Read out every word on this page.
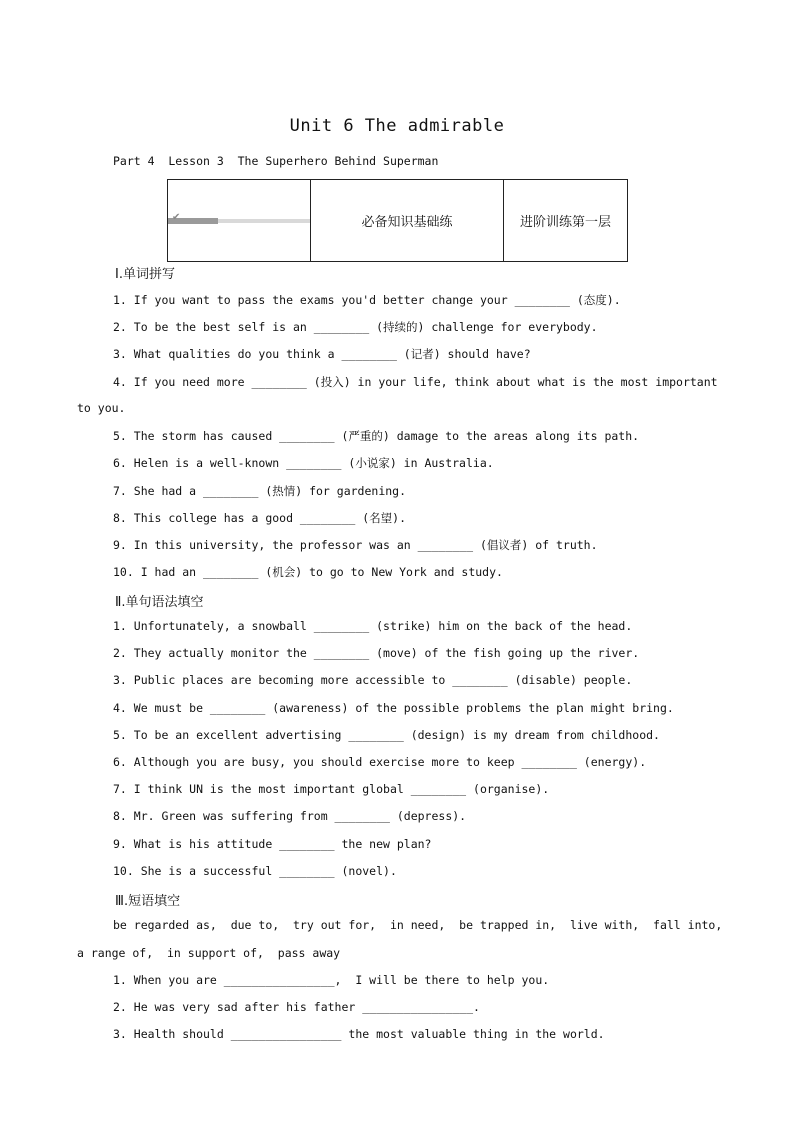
Unit 6 The admirable
Part 4  Lesson 3  The Superhero Behind Superman
✔	必备知识基础练	进阶训练第一层
Ⅰ.单词拼写
1. If you want to pass the exams you'd better change your ________ (态度).
2. To be the best self is an ________ (持续的) challenge for everybody.
3. What qualities do you think a ________ (记者) should have?
4. If you need more ________ (投入) in your life, think about what is the most important
to you.
5. The storm has caused ________ (严重的) damage to the areas along its path.
6. Helen is a well-known ________ (小说家) in Australia.
7. She had a ________ (热情) for gardening.
8. This college has a good ________ (名望).
9. In this university, the professor was an ________ (倡议者) of truth.
10. I had an ________ (机会) to go to New York and study.
Ⅱ.单句语法填空
1. Unfortunately, a snowball ________ (strike) him on the back of the head.
2. They actually monitor the ________ (move) of the fish going up the river.
3. Public places are becoming more accessible to ________ (disable) people.
4. We must be ________ (awareness) of the possible problems the plan might bring.
5. To be an excellent advertising ________ (design) is my dream from childhood.
6. Although you are busy, you should exercise more to keep ________ (energy).
7. I think UN is the most important global ________ (organise).
8. Mr. Green was suffering from ________ (depress).
9. What is his attitude ________ the new plan?
10. She is a successful ________ (novel).
Ⅲ.短语填空
be regarded as,  due to,  try out for,  in need,  be trapped in,  live with,  fall into,
a range of,  in support of,  pass away
1. When you are ________________,  I will be there to help you.
2. He was very sad after his father ________________.
3. Health should ________________ the most valuable thing in the world.
